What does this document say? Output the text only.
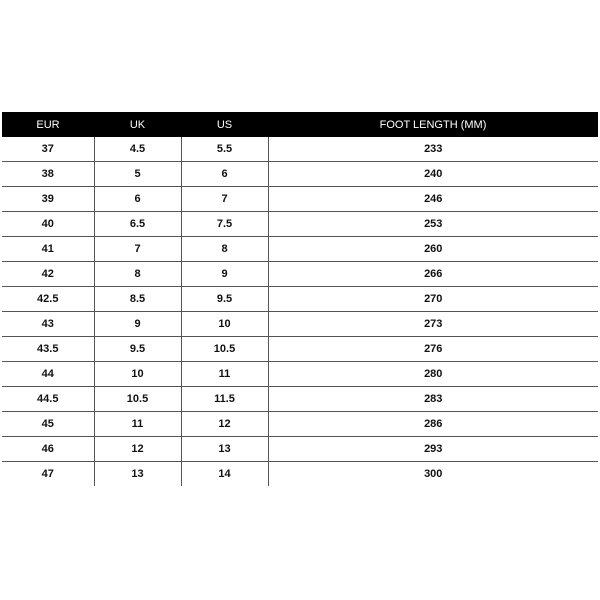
EUR	UK	US	FOOT LENGTH (MM)
37	4.5	5.5	233
38	5	6	240
39	6	7	246
40	6.5	7.5	253
41	7	8	260
42	8	9	266
42.5	8.5	9.5	270
43	9	10	273
43.5	9.5	10.5	276
44	10	11	280
44.5	10.5	11.5	283
45	11	12	286
46	12	13	293
47	13	14	300
